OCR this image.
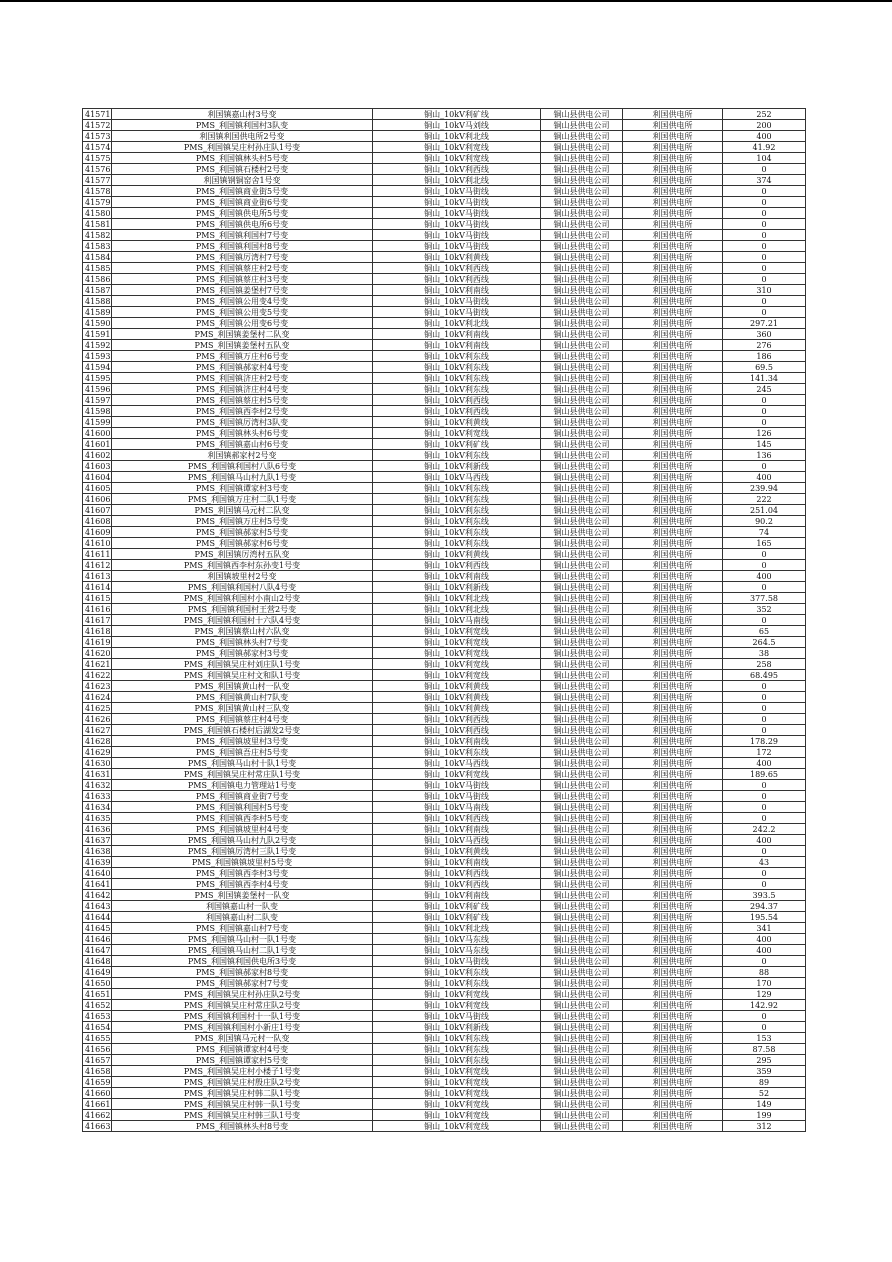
41571	利国镇嘉山村3号变	铜山_10kV利矿线	铜山县供电公司	利国供电所	252
41572	PMS_利国镇利国村3队变	铜山_10kV马刘线	铜山县供电公司	利国供电所	200
41573	利国镇利国供电所2号变	铜山_10kV利北线	铜山县供电公司	利国供电所	400
41574	PMS_利国镇吴庄村孙庄队1号变	铜山_10kV利宽线	铜山县供电公司	利国供电所	41.92
41575	PMS_利国镇林头村5号变	铜山_10kV利宽线	铜山县供电公司	利国供电所	104
41576	PMS_利国镇石楼村2号变	铜山_10kV利西线	铜山县供电公司	利国供电所	0
41577	利国镇钢铜窑舍1号变	铜山_10kV利北线	铜山县供电公司	利国供电所	374
41578	PMS_利国镇商业街5号变	铜山_10kV马街线	铜山县供电公司	利国供电所	0
41579	PMS_利国镇商业街6号变	铜山_10kV马街线	铜山县供电公司	利国供电所	0
41580	PMS_利国镇供电所5号变	铜山_10kV马街线	铜山县供电公司	利国供电所	0
41581	PMS_利国镇供电所6号变	铜山_10kV马街线	铜山县供电公司	利国供电所	0
41582	PMS_利国镇利国村7号变	铜山_10kV马街线	铜山县供电公司	利国供电所	0
41583	PMS_利国镇利国村8号变	铜山_10kV马街线	铜山县供电公司	利国供电所	0
41584	PMS_利国镇厉湾村7号变	铜山_10kV利黄线	铜山县供电公司	利国供电所	0
41585	PMS_利国镇蔡庄村2号变	铜山_10kV利西线	铜山县供电公司	利国供电所	0
41586	PMS_利国镇蔡庄村3号变	铜山_10kV利西线	铜山县供电公司	利国供电所	0
41587	PMS_利国镇姜堡村7号变	铜山_10kV利南线	铜山县供电公司	利国供电所	310
41588	PMS_利国镇公用变4号变	铜山_10kV马街线	铜山县供电公司	利国供电所	0
41589	PMS_利国镇公用变5号变	铜山_10kV马街线	铜山县供电公司	利国供电所	0
41590	PMS_利国镇公用变6号变	铜山_10kV利北线	铜山县供电公司	利国供电所	297.21
41591	PMS_利国镇姜堡村二队变	铜山_10kV利南线	铜山县供电公司	利国供电所	360
41592	PMS_利国镇姜堡村五队变	铜山_10kV利南线	铜山县供电公司	利国供电所	276
41593	PMS_利国镇万庄村6号变	铜山_10kV利东线	铜山县供电公司	利国供电所	186
41594	PMS_利国镇郝家村4号变	铜山_10kV利东线	铜山县供电公司	利国供电所	69.5
41595	PMS_利国镇济庄村2号变	铜山_10kV利东线	铜山县供电公司	利国供电所	141.34
41596	PMS_利国镇济庄村4号变	铜山_10kV利东线	铜山县供电公司	利国供电所	245
41597	PMS_利国镇蔡庄村5号变	铜山_10kV利西线	铜山县供电公司	利国供电所	0
41598	PMS_利国镇西李村2号变	铜山_10kV利西线	铜山县供电公司	利国供电所	0
41599	PMS_利国镇厉湾村3队变	铜山_10kV利黄线	铜山县供电公司	利国供电所	0
41600	PMS_利国镇林头村6号变	铜山_10kV利宽线	铜山县供电公司	利国供电所	126
41601	PMS_利国镇嘉山村6号变	铜山_10kV利矿线	铜山县供电公司	利国供电所	145
41602	利国镇郝家村2号变	铜山_10kV利东线	铜山县供电公司	利国供电所	136
41603	PMS_利国镇利国村八队6号变	铜山_10kV利新线	铜山县供电公司	利国供电所	0
41604	PMS_利国镇马山村九队1号变	铜山_10kV马西线	铜山县供电公司	利国供电所	400
41605	PMS_利国镇谭家村3号变	铜山_10kV利东线	铜山县供电公司	利国供电所	239.94
41606	PMS_利国镇万庄村二队1号变	铜山_10kV利东线	铜山县供电公司	利国供电所	222
41607	PMS_利国镇马元村二队变	铜山_10kV利东线	铜山县供电公司	利国供电所	251.04
41608	PMS_利国镇万庄村5号变	铜山_10kV利东线	铜山县供电公司	利国供电所	90.2
41609	PMS_利国镇郝家村5号变	铜山_10kV利东线	铜山县供电公司	利国供电所	74
41610	PMS_利国镇郝家村6号变	铜山_10kV利东线	铜山县供电公司	利国供电所	165
41611	PMS_利国镇厉湾村五队变	铜山_10kV利黄线	铜山县供电公司	利国供电所	0
41612	PMS_利国镇西李村东孙变1号变	铜山_10kV利西线	铜山县供电公司	利国供电所	0
41613	利国镇坡里村2号变	铜山_10kV利南线	铜山县供电公司	利国供电所	400
41614	PMS_利国镇利国村八队4号变	铜山_10kV利新线	铜山县供电公司	利国供电所	0
41615	PMS_利国镇利国村小南山2号变	铜山_10kV利北线	铜山县供电公司	利国供电所	377.58
41616	PMS_利国镇利国村王营2号变	铜山_10kV利北线	铜山县供电公司	利国供电所	352
41617	PMS_利国镇利国村十六队4号变	铜山_10kV马南线	铜山县供电公司	利国供电所	0
41618	PMS_利国镇蔡山村六队变	铜山_10kV利宽线	铜山县供电公司	利国供电所	65
41619	PMS_利国镇林头村7号变	铜山_10kV利宽线	铜山县供电公司	利国供电所	264.5
41620	PMS_利国镇郝家村3号变	铜山_10kV利宽线	铜山县供电公司	利国供电所	38
41621	PMS_利国镇吴庄村刘庄队1号变	铜山_10kV利宽线	铜山县供电公司	利国供电所	258
41622	PMS_利国镇吴庄村文和队1号变	铜山_10kV利宽线	铜山县供电公司	利国供电所	68.495
41623	PMS_利国镇黄山村一队变	铜山_10kV利黄线	铜山县供电公司	利国供电所	0
41624	PMS_利国镇黄山村7队变	铜山_10kV利黄线	铜山县供电公司	利国供电所	0
41625	PMS_利国镇黄山村三队变	铜山_10kV利黄线	铜山县供电公司	利国供电所	0
41626	PMS_利国镇蔡庄村4号变	铜山_10kV利西线	铜山县供电公司	利国供电所	0
41627	PMS_利国镇石楼村后湖发2号变	铜山_10kV利西线	铜山县供电公司	利国供电所	0
41628	PMS_利国镇坡里村3号变	铜山_10kV利南线	铜山县供电公司	利国供电所	178.29
41629	PMS_利国镇吾庄村5号变	铜山_10kV利东线	铜山县供电公司	利国供电所	172
41630	PMS_利国镇马山村十队1号变	铜山_10kV马西线	铜山县供电公司	利国供电所	400
41631	PMS_利国镇吴庄村常庄队1号变	铜山_10kV利宽线	铜山县供电公司	利国供电所	189.65
41632	PMS_利国镇电力管理站1号变	铜山_10kV马街线	铜山县供电公司	利国供电所	0
41633	PMS_利国镇商业街7号变	铜山_10kV马街线	铜山县供电公司	利国供电所	0
41634	PMS_利国镇利国村5号变	铜山_10kV马南线	铜山县供电公司	利国供电所	0
41635	PMS_利国镇西李村5号变	铜山_10kV利西线	铜山县供电公司	利国供电所	0
41636	PMS_利国镇坡里村4号变	铜山_10kV利南线	铜山县供电公司	利国供电所	242.2
41637	PMS_利国镇马山村九队2号变	铜山_10kV马西线	铜山县供电公司	利国供电所	400
41638	PMS_利国镇厉湾村三队1号变	铜山_10kV利黄线	铜山县供电公司	利国供电所	0
41639	PMS_利国镇镇坡里村5号变	铜山_10kV利南线	铜山县供电公司	利国供电所	43
41640	PMS_利国镇西李村3号变	铜山_10kV利西线	铜山县供电公司	利国供电所	0
41641	PMS_利国镇西李村4号变	铜山_10kV利西线	铜山县供电公司	利国供电所	0
41642	PMS_利国镇姜堡村一队变	铜山_10kV利南线	铜山县供电公司	利国供电所	393.5
41643	利国镇嘉山村一队变	铜山_10kV利矿线	铜山县供电公司	利国供电所	294.37
41644	利国镇嘉山村二队变	铜山_10kV利矿线	铜山县供电公司	利国供电所	195.54
41645	PMS_利国镇嘉山村7号变	铜山_10kV利北线	铜山县供电公司	利国供电所	341
41646	PMS_利国镇马山村一队1号变	铜山_10kV马东线	铜山县供电公司	利国供电所	400
41647	PMS_利国镇马山村二队1号变	铜山_10kV马东线	铜山县供电公司	利国供电所	400
41648	PMS_利国镇利国供电所3号变	铜山_10kV马街线	铜山县供电公司	利国供电所	0
41649	PMS_利国镇郝家村8号变	铜山_10kV利东线	铜山县供电公司	利国供电所	88
41650	PMS_利国镇郝家村7号变	铜山_10kV利东线	铜山县供电公司	利国供电所	170
41651	PMS_利国镇吴庄村孙庄队2号变	铜山_10kV利宽线	铜山县供电公司	利国供电所	129
41652	PMS_利国镇吴庄村常庄队2号变	铜山_10kV利宽线	铜山县供电公司	利国供电所	142.92
41653	PMS_利国镇利国村十一队1号变	铜山_10kV马街线	铜山县供电公司	利国供电所	0
41654	PMS_利国镇利国村小新庄1号变	铜山_10kV利新线	铜山县供电公司	利国供电所	0
41655	PMS_利国镇马元村一队变	铜山_10kV利东线	铜山县供电公司	利国供电所	153
41656	PMS_利国镇谭家村4号变	铜山_10kV利东线	铜山县供电公司	利国供电所	87.58
41657	PMS_利国镇谭家村5号变	铜山_10kV利东线	铜山县供电公司	利国供电所	295
41658	PMS_利国镇吴庄村小楼子1号变	铜山_10kV利宽线	铜山县供电公司	利国供电所	359
41659	PMS_利国镇吴庄村殷庄队2号变	铜山_10kV利宽线	铜山县供电公司	利国供电所	89
41660	PMS_利国镇吴庄村韩二队1号变	铜山_10kV利宽线	铜山县供电公司	利国供电所	52
41661	PMS_利国镇吴庄村韩一队1号变	铜山_10kV利宽线	铜山县供电公司	利国供电所	149
41662	PMS_利国镇吴庄村韩三队1号变	铜山_10kV利宽线	铜山县供电公司	利国供电所	199
41663	PMS_利国镇林头村8号变	铜山_10kV利宽线	铜山县供电公司	利国供电所	312
